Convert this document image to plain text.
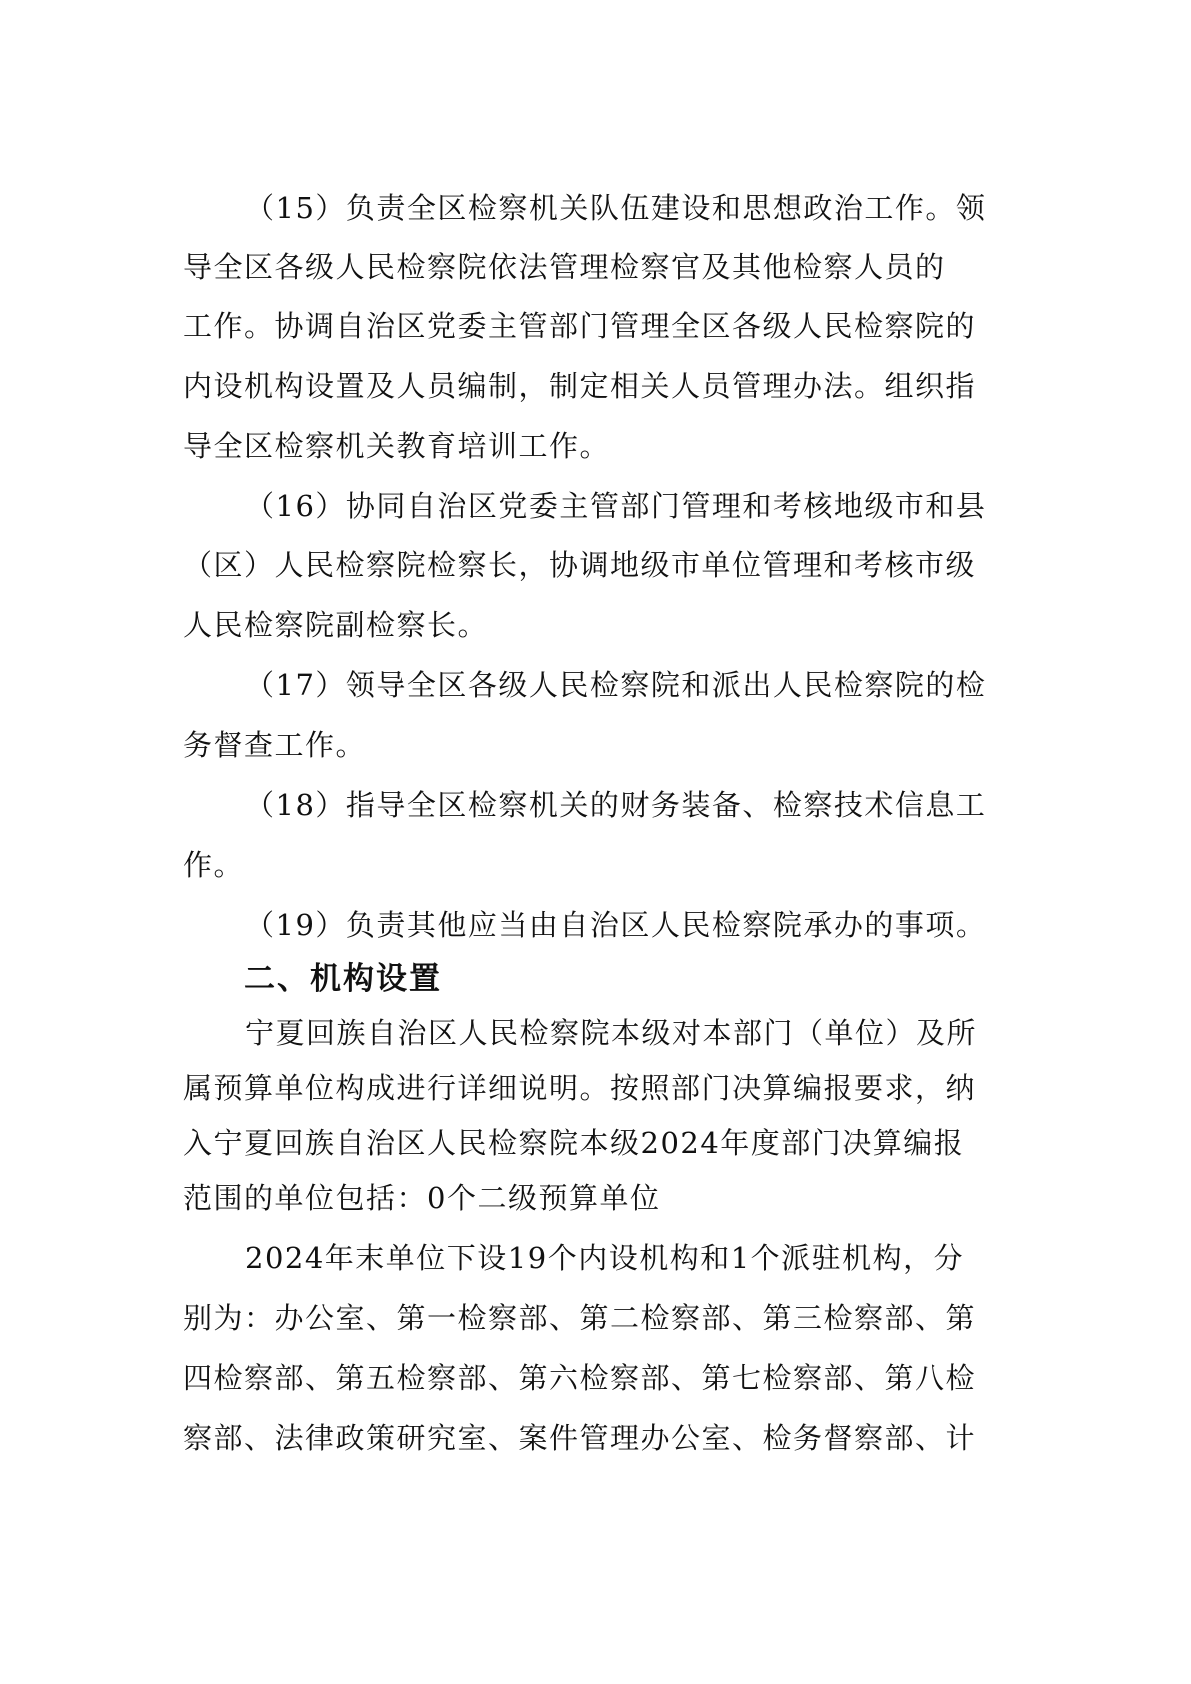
（15）负责全区检察机关队伍建设和思想政治工作。领
导全区各级人民检察院依法管理检察官及其他检察人员的
工作。协调自治区党委主管部门管理全区各级人民检察院的
内设机构设置及人员编制，制定相关人员管理办法。组织指
导全区检察机关教育培训工作。
（16）协同自治区党委主管部门管理和考核地级市和县
（区）人民检察院检察长，协调地级市单位管理和考核市级
人民检察院副检察长。
（17）领导全区各级人民检察院和派出人民检察院的检
务督查工作。
（18）指导全区检察机关的财务装备、检察技术信息工
作。
（19）负责其他应当由自治区人民检察院承办的事项。
二、机构设置
宁夏回族自治区人民检察院本级对本部门（单位）及所
属预算单位构成进行详细说明。按照部门决算编报要求，纳
入宁夏回族自治区人民检察院本级2024年度部门决算编报
范围的单位包括：0个二级预算单位
2024年末单位下设19个内设机构和1个派驻机构，分
别为：办公室、第一检察部、第二检察部、第三检察部、第
四检察部、第五检察部、第六检察部、第七检察部、第八检
察部、法律政策研究室、案件管理办公室、检务督察部、计
